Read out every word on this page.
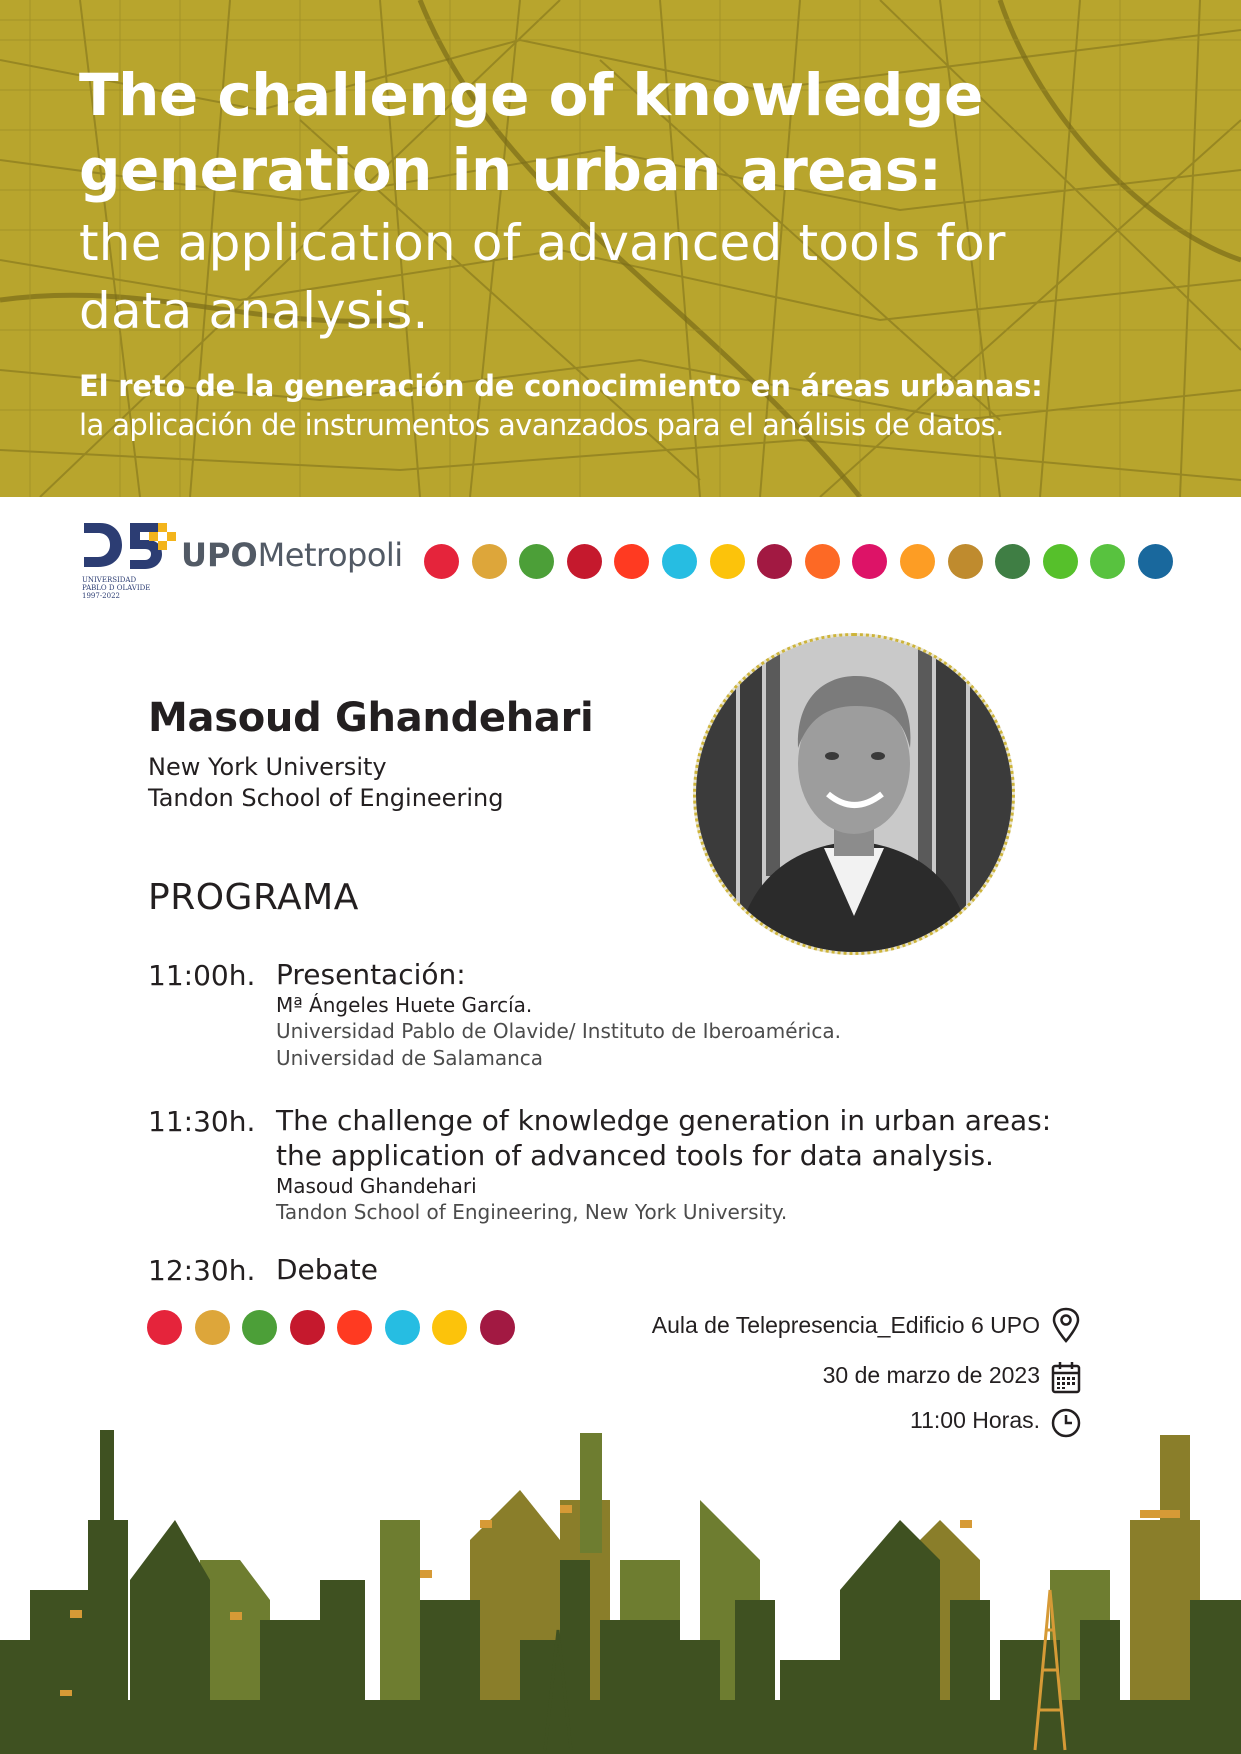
The challenge of knowledge
generation in urban areas:
the application of advanced tools for
data analysis.
El reto de la generación de conocimiento en áreas urbanas:
la aplicación de instrumentos avanzados para el análisis de datos.
UNIVERSIDAD
PABLO D OLAVIDE
1997-2022
UPOMetropoli
Masoud Ghandehari
New York University
Tandon School of Engineering
PROGRAMA
11:00h. Presentación:
Mª Ángeles Huete García.
Universidad Pablo de Olavide/ Instituto de Iberoamérica.
Universidad de Salamanca
11:30h. The challenge of knowledge generation in urban areas:
the application of advanced tools for data analysis.
Masoud Ghandehari
Tandon School of Engineering, New York University.
12:30h. Debate
Aula de Telepresencia_Edificio 6 UPO
30 de marzo de 2023
11:00 Horas.
